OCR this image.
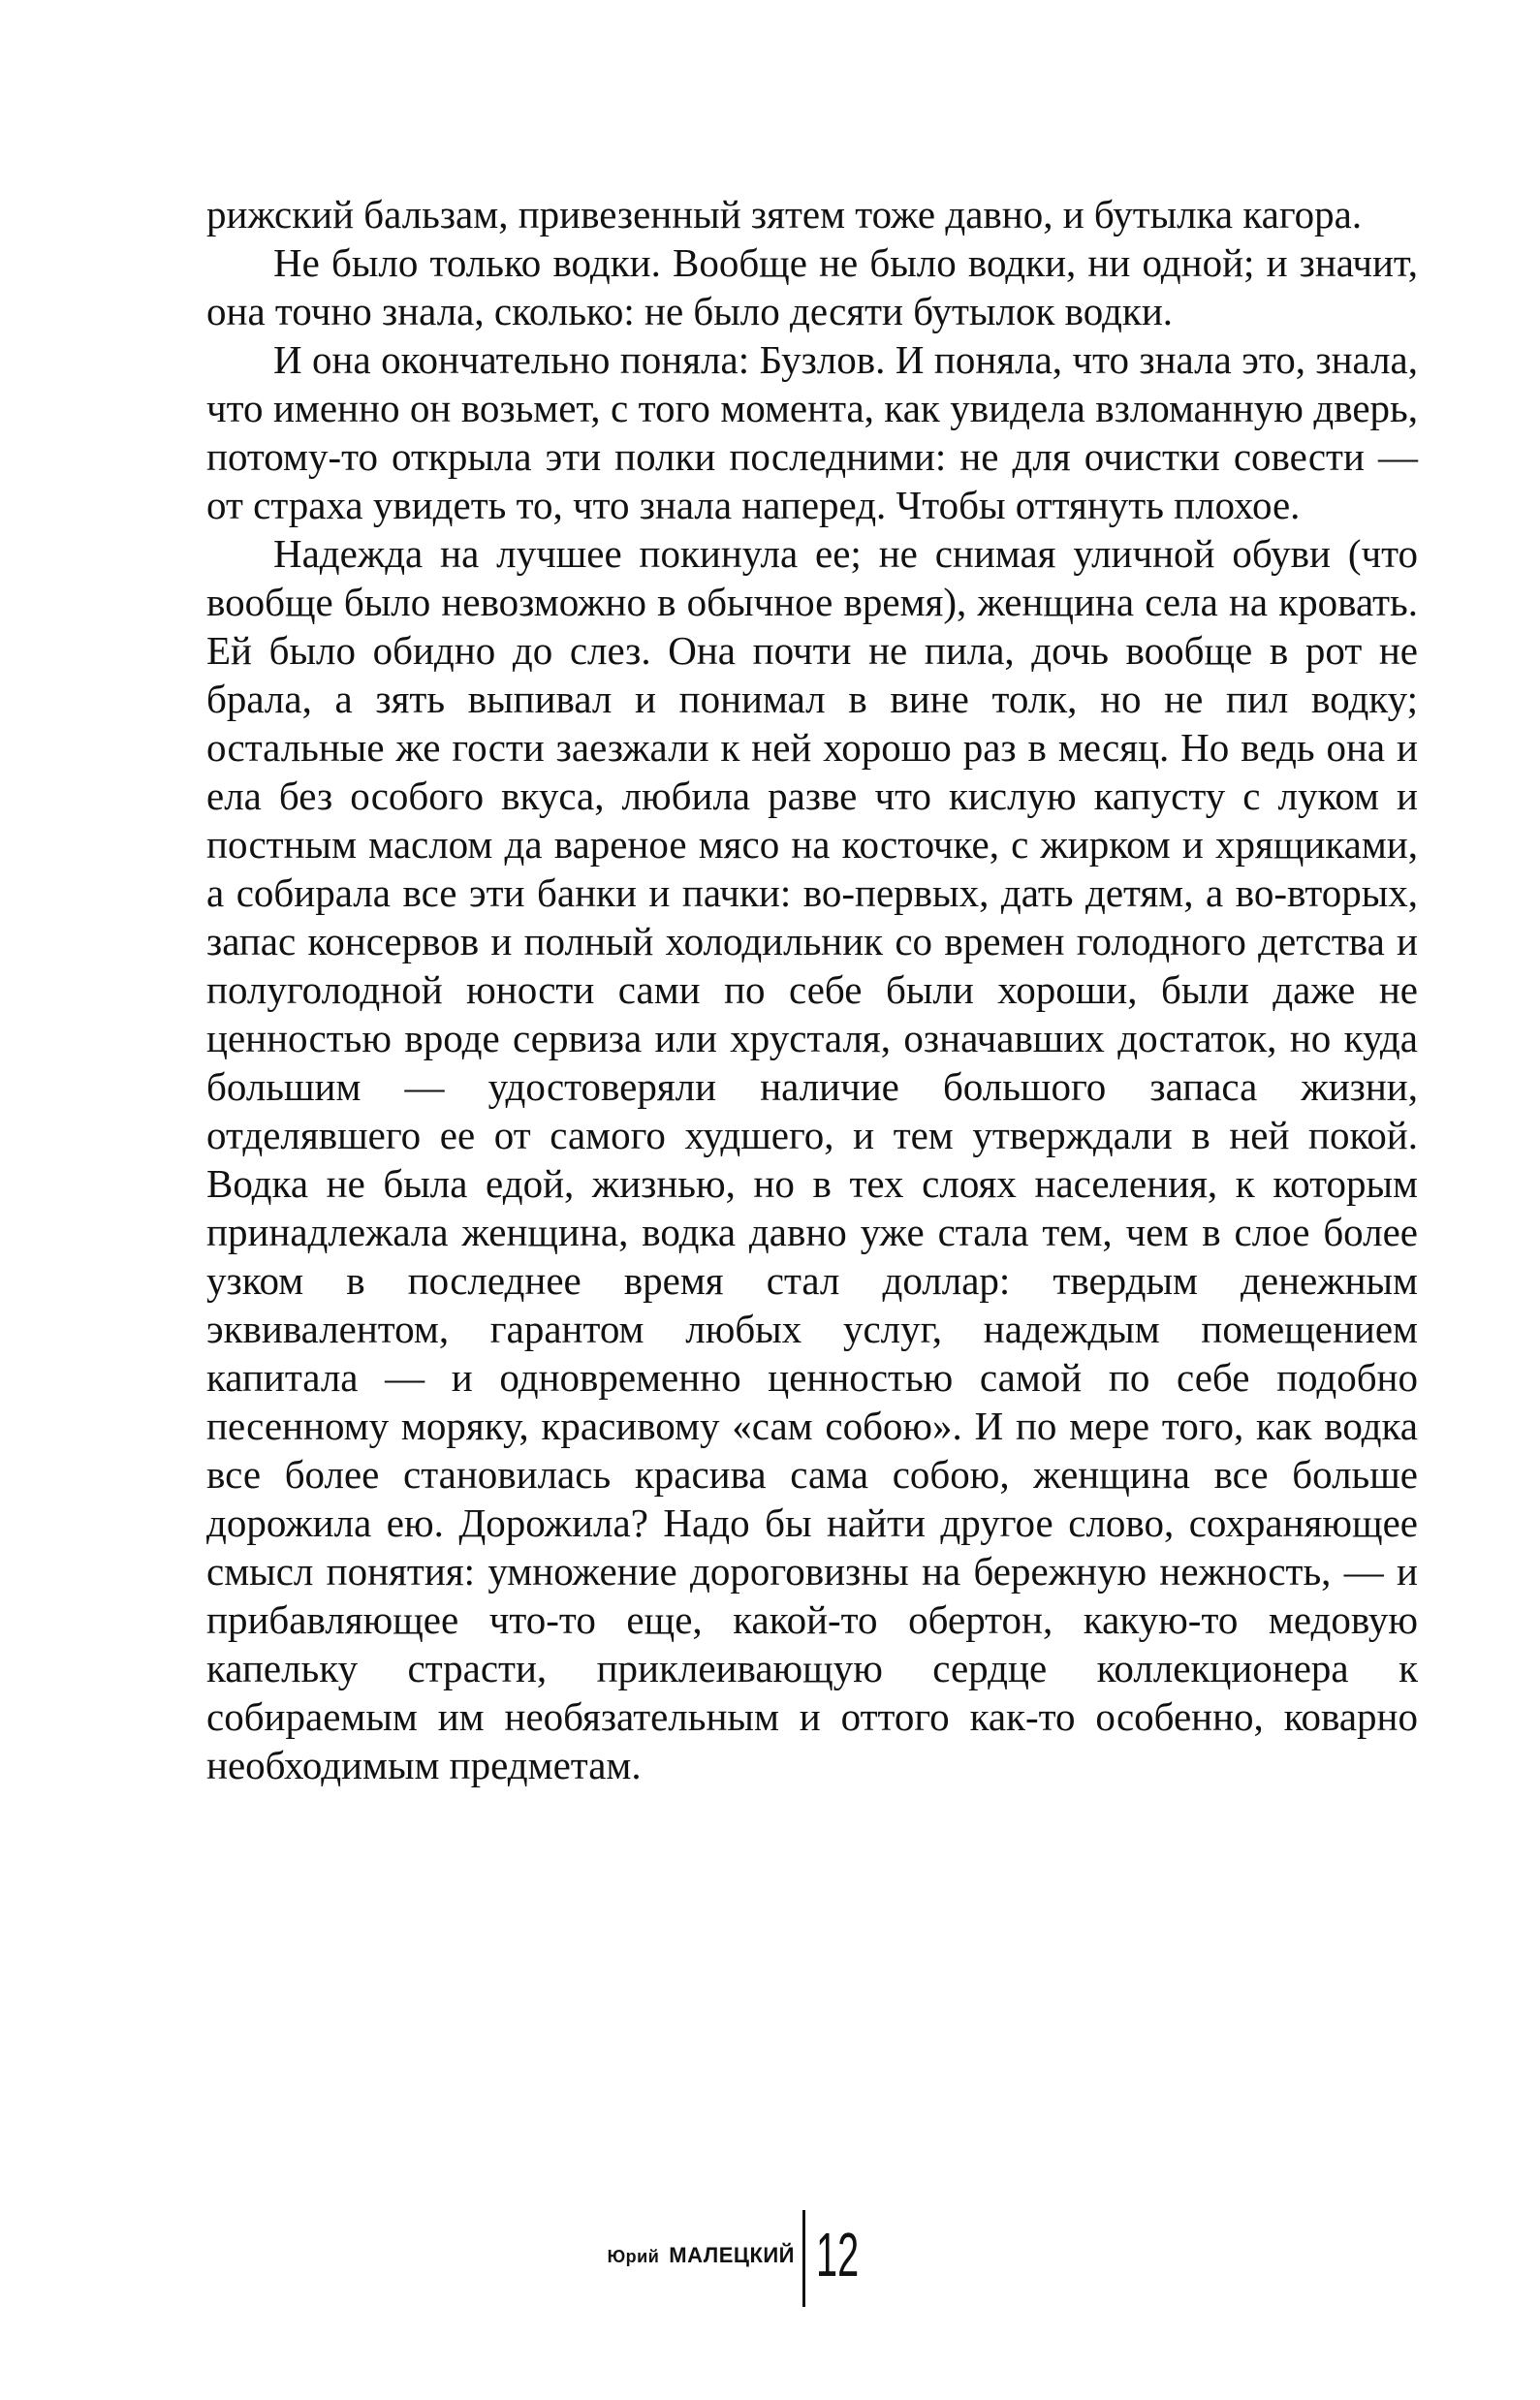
рижский бальзам, привезенный зятем тоже давно, и бутылка кагора.

Не было только водки. Вообще не было водки, ни одной; и значит, она точно знала, сколько: не было десяти бутылок водки.

И она окончательно поняла: Бузлов. И поняла, что знала это, знала, что именно он возьмет, с того момента, как увидела взломанную дверь, потому-то открыла эти полки последними: не для очистки совести — от страха увидеть то, что знала наперед. Чтобы оттянуть плохое.

Надежда на лучшее покинула ее; не снимая уличной обуви (что вообще было невозможно в обычное время), женщина села на кровать. Ей было обидно до слез. Она почти не пила, дочь вообще в рот не брала, а зять выпивал и понимал в вине толк, но не пил водку; остальные же гости заезжали к ней хорошо раз в месяц. Но ведь она и ела без особого вкуса, любила разве что кислую капусту с луком и постным маслом да вареное мясо на косточке, с жирком и хрящиками, а собирала все эти банки и пачки: во-первых, дать детям, а во-вторых, запас консервов и полный холодильник со времен голодного детства и полуголодной юности сами по себе были хороши, были даже не ценностью вроде сервиза или хрусталя, означавших достаток, но куда большим — удостоверяли наличие большого запаса жизни, отделявшего ее от самого худшего, и тем утверждали в ней покой. Водка не была едой, жизнью, но в тех слоях населения, к которым принадлежала женщина, водка давно уже стала тем, чем в слое более узком в последнее время стал доллар: твердым денежным эквивалентом, гарантом любых услуг, надеждым помещением капитала — и одновременно ценностью самой по себе подобно песенному моряку, красивому «сам собою». И по мере того, как водка все более становилась красива сама собою, женщина все больше дорожила ею. Дорожила? Надо бы найти другое слово, сохраняющее смысл понятия: умножение дороговизны на бережную нежность, — и прибавляющее что-то еще, какой-то обертон, какую-то медовую капельку страсти, приклеивающую сердце коллекционера к собираемым им необязательным и оттого как-то особенно, коварно необходимым предметам.

Юрий МАЛЕЦКИЙ 12
